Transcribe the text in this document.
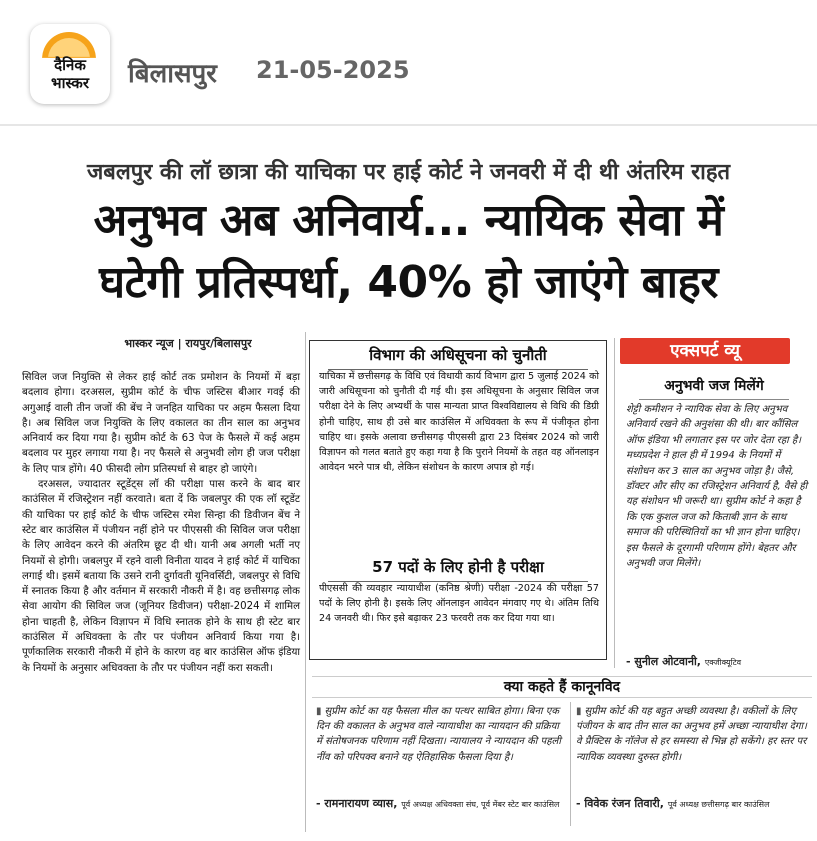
दैनिक
भास्कर	बिलासपुर 21-05-2025
जबलपुर की लॉ छात्रा की याचिका पर हाई कोर्ट ने जनवरी में दी थी अंतरिम राहत
अनुभव अब अनिवार्य... न्यायिक सेवा में
घटेगी प्रतिस्पर्धा, 40% हो जाएंगे बाहर
भास्कर न्यूज | रायपुर/बिलासपुर

सिविल जज नियुक्ति से लेकर हाई कोर्ट तक प्रमोशन के नियमों में बड़ा बदलाव होगा। दरअसल, सुप्रीम कोर्ट के चीफ जस्टिस बीआर गवई की अगुआई वाली तीन जजों की बेंच ने जनहित याचिका पर अहम फैसला दिया है। अब सिविल जज नियुक्ति के लिए वकालत का तीन साल का अनुभव अनिवार्य कर दिया गया है। सुप्रीम कोर्ट के 63 पेज के फैसले में कई अहम बदलाव पर मुहर लगाया गया है। नए फैसले से अनुभवी लोग ही जज परीक्षा के लिए पात्र होंगे। 40 फीसदी लोग प्रतिस्पर्धा से बाहर हो जाएंगे।

दरअसल, ज्यादातर स्टूडेंट्स लॉ की परीक्षा पास करने के बाद बार काउंसिल में रजिस्ट्रेशन नहीं करवाते। बता दें कि जबलपुर की एक लॉ स्टूडेंट की याचिका पर हाई कोर्ट के चीफ जस्टिस रमेश सिन्हा की डिवीजन बेंच ने स्टेट बार काउंसिल में पंजीयन नहीं होने पर पीएससी की सिविल जज परीक्षा के लिए आवेदन करने की अंतरिम छूट दी थी। यानी अब अगली भर्ती नए नियमों से होगी। जबलपुर में रहने वाली विनीता यादव ने हाई कोर्ट में याचिका लगाई थी। इसमें बताया कि उसने रानी दुर्गावती यूनिवर्सिटी, जबलपुर से विधि में स्नातक किया है और वर्तमान में सरकारी नौकरी में है। वह छत्तीसगढ़ लोक सेवा आयोग की सिविल जज (जूनियर डिवीजन) परीक्षा-2024 में शामिल होना चाहती है, लेकिन विज्ञापन में विधि स्नातक होने के साथ ही स्टेट बार काउंसिल में अधिवक्ता के तौर पर पंजीयन अनिवार्य किया गया है। पूर्णकालिक सरकारी नौकरी में होने के कारण वह बार काउंसिल ऑफ इंडिया के नियमों के अनुसार अधिवक्ता के तौर पर पंजीयन नहीं करा सकती।

विभाग की अधिसूचना को चुनौती
याचिका में छत्तीसगढ़ के विधि एवं विधायी कार्य विभाग द्वारा 5 जुलाई 2024 को जारी अधिसूचना को चुनौती दी गई थी। इस अधिसूचना के अनुसार सिविल जज परीक्षा देने के लिए अभ्यर्थी के पास मान्यता प्राप्त विश्वविद्यालय से विधि की डिग्री होनी चाहिए, साथ ही उसे बार काउंसिल में अधिवक्ता के रूप में पंजीकृत होना चाहिए था। इसके अलावा छत्तीसगढ़ पीएससी द्वारा 23 दिसंबर 2024 को जारी विज्ञापन को गलत बताते हुए कहा गया है कि पुराने नियमों के तहत वह ऑनलाइन आवेदन भरने पात्र थी, लेकिन संशोधन के कारण अपात्र हो गई।
57 पदों के लिए होनी है परीक्षा
पीएससी की व्यवहार न्यायाधीश (कनिष्ठ श्रेणी) परीक्षा -2024 की परीक्षा 57 पदों के लिए होनी है। इसके लिए ऑनलाइन आवेदन मंगवाए गए थे। अंतिम तिथि 24 जनवरी थी। फिर इसे बढ़ाकर 23 फरवरी तक कर दिया गया था।
एक्सपर्ट व्यू
अनुभवी जज मिलेंगे
शेट्टी कमीशन ने न्यायिक सेवा के लिए अनुभव अनिवार्य रखने की अनुशंसा की थी। बार कौंसिल ऑफ इंडिया भी लगातार इस पर जोर देता रहा है। मध्यप्रदेश ने हाल ही में 1994 के नियमों में संशोधन कर 3 साल का अनुभव जोड़ा है। जैसे, डॉक्टर और सीए का रजिस्ट्रेशन अनिवार्य है, वैसे ही यह संशोधन भी जरूरी था। सुप्रीम कोर्ट ने कहा है कि एक कुशल जज को किताबी ज्ञान के साथ समाज की परिस्थितियों का भी ज्ञान होना चाहिए। इस फैसले के दूरगामी परिणाम होंगे। बेहतर और अनुभवी जज मिलेंगे।
- सुनील ओटवानी, एक्जीक्यूटिव
क्या कहते हैं कानूनविद
▮ सुप्रीम कोर्ट का यह फैसला मील का पत्थर साबित होगा। बिना एक दिन की वकालत के अनुभव वाले न्यायाधीश का न्यायदान की प्रक्रिया में संतोषजनक परिणाम नहीं दिखता। न्यायालय ने न्यायदान की पहली नींव को परिपक्व बनाने यह ऐतिहासिक फैसला दिया है।
▮ सुप्रीम कोर्ट की यह बहुत अच्छी व्यवस्था है। वकीलों के लिए पंजीयन के बाद तीन साल का अनुभव हमें अच्छा न्यायाधीश देगा। वे प्रैक्टिस के नॉलेज से हर समस्या से भिन्न हो सकेंगे। हर स्तर पर न्यायिक व्यवस्था दुरुस्त होगी।
- रामनारायण व्यास, पूर्व अध्यक्ष अधिवक्ता संघ, पूर्व मेंबर स्टेट बार काउंसिल	- विवेक रंजन तिवारी, पूर्व अध्यक्ष छत्तीसगढ़ बार काउंसिल
